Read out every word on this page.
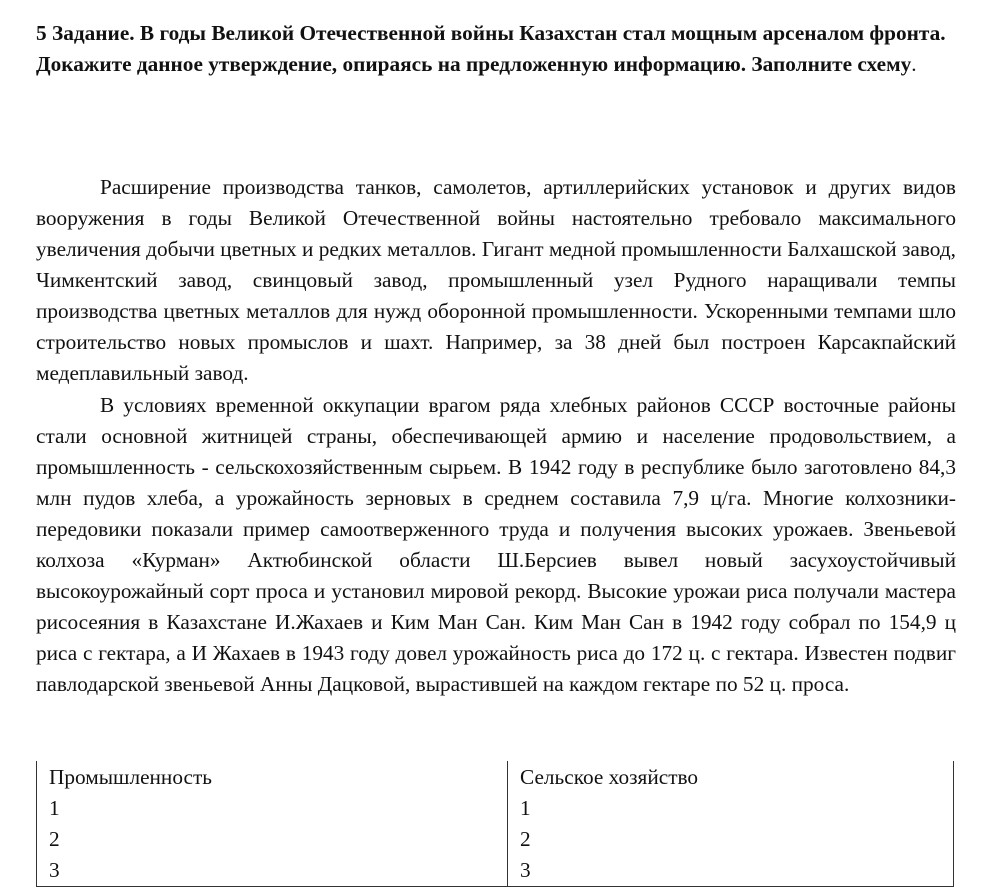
5 Задание. В годы Великой Отечественной войны Казахстан стал мощным арсеналом фронта.
Докажите данное утверждение, опираясь на предложенную информацию. Заполните схему.

Расширение производства танков, самолетов, артиллерийских установок и других видов вооружения в годы Великой Отечественной войны настоятельно требовало максимального увеличения добычи цветных и редких металлов. Гигант медной промышленности Балхашской завод, Чимкентский завод, свинцовый завод, промышленный узел Рудного наращивали темпы производства цветных металлов для нужд оборонной промышленности. Ускоренными темпами шло строительство новых промыслов и шахт. Например, за 38 дней был построен Карсакпайский медеплавильный завод.

В условиях временной оккупации врагом ряда хлебных районов СССР восточные районы стали основной житницей страны, обеспечивающей армию и население продовольствием, а промышленность - сельскохозяйственным сырьем. В 1942 году в республике было заготовлено 84,3 млн пудов хлеба, а урожайность зерновых в среднем составила 7,9 ц/га. Многие колхозники-передовики показали пример самоотверженного труда и получения высоких урожаев. Звеньевой колхоза «Курман» Актюбинской области Ш.Берсиев вывел новый засухоустойчивый высокоурожайный сорт проса и установил мировой рекорд. Высокие урожаи риса получали мастера рисосеяния в Казахстане И.Жахаев и Ким Ман Сан. Ким Ман Сан в 1942 году собрал по 154,9 ц риса с гектара, а И Жахаев в 1943 году довел урожайность риса до 172 ц. с гектара. Известен подвиг павлодарской звеньевой Анны Дацковой, вырастившей на каждом гектаре по 52 ц. проса.

Промышленность	Сельское хозяйство
1	1
2	2
3	3
